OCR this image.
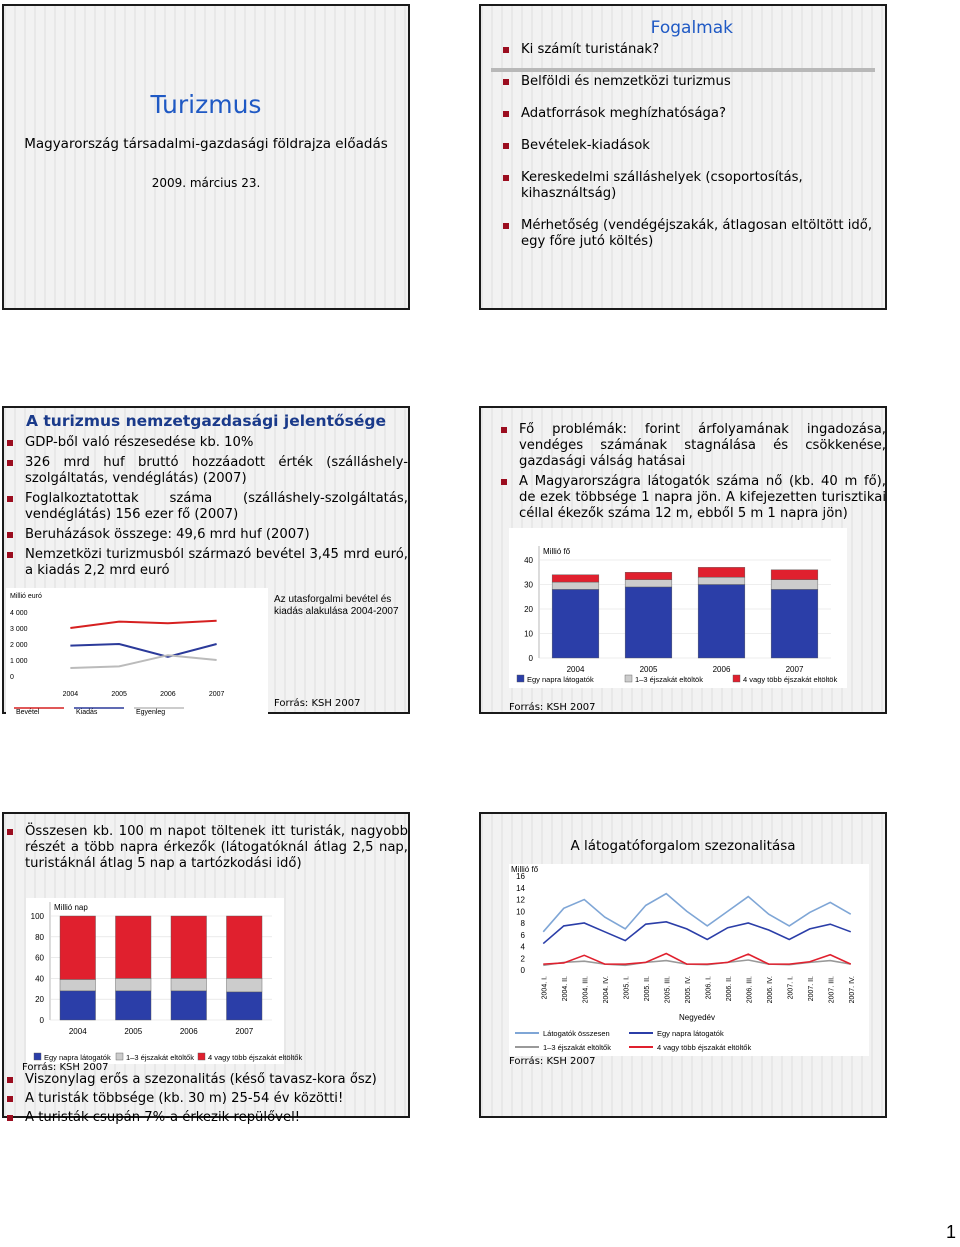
Turizmus
Magyarország társadalmi-gazdasági földrajza előadás
2009. március 23.
Fogalmak
Ki számít turistának?
Belföldi és nemzetközi turizmus
Adatforrások meghízhatósága?
Bevételek-kiadások
Kereskedelmi szálláshelyek (csoportosítás, kihasználtság)
Mérhetőség (vendégéjszakák, átlagosan eltöltött idő, egy főre jutó költés)
A turizmus nemzetgazdasági jelentősége
GDP-ből való részesedése kb. 10%
326 mrd huf bruttó hozzáadott érték (szálláshely-szolgáltatás, vendéglátás) (2007)
Foglalkoztatottak száma (szálláshely-szolgáltatás, vendéglátás) 156 ezer fő (2007)
Beruházások összege: 49,6 mrd huf (2007)
Nemzetközi turizmusból származó bevétel 3,45 mrd euró, a kiadás 2,2 mrd euró
Millió euró
0
1 000
2 000
3 000
4 000
2004	2005	2006	2007
Bevétel	Kiadás	Egyenleg
Az utasforgalmi bevétel és kiadás alakulása 2004-2007
Forrás: KSH 2007
Fő problémák: forint árfolyamának ingadozása, vendéges számának stagnálása és csökkenése, gazdasági válság hatásai
A Magyarországra látogatók száma nő (kb. 40 m fő), de ezek többsége 1 napra jön. A kifejezetten turisztikai céllal ékezők száma 12 m, ebből 5 m 1 napra jön)
Millió fő
0
10
20
30
40
2004	2005	2006	2007
Egy napra látogatók	1–3 éjszakát eltöltök	4 vagy több éjszakát eltöltök
Forrás: KSH 2007
Összesen kb. 100 m napot töltenek itt turisták, nagyobb részét a több napra érkezők (látogatóknál átlag 2,5 nap, turistáknál átlag 5 nap a tartózkodási idő)
Millió nap
0
20
40
60
80
100
2004	2005	2006	2007
Egy napra látogatók 1–3 éjszakát eltöltők 4 vagy több éjszakát eltöltők
Forrás: KSH 2007
Viszonylag erős a szezonalitás (késő tavasz-kora ősz)
A turisták többsége (kb. 30 m) 25-54 év közötti!
A turisták csupán 7%-a érkezik repülővel!
A látogatóforgalom szezonalitása
Millió fő
0
2
4
6
8
10
12
14
16
2004. I. 2004. II. 2004. III. 2004. IV. 2005. I. 2005. II. 2005. III. 2005. IV. 2006. I. 2006. II. 2006. III. 2006. IV. 2007. I. 2007. II. 2007. III. 2007. IV.
Negyedév
Látogatók összesen	Egy napra látogatók
1–3 éjszakát eltöltők	4 vagy több éjszakát eltöltők
Forrás: KSH 2007
1
